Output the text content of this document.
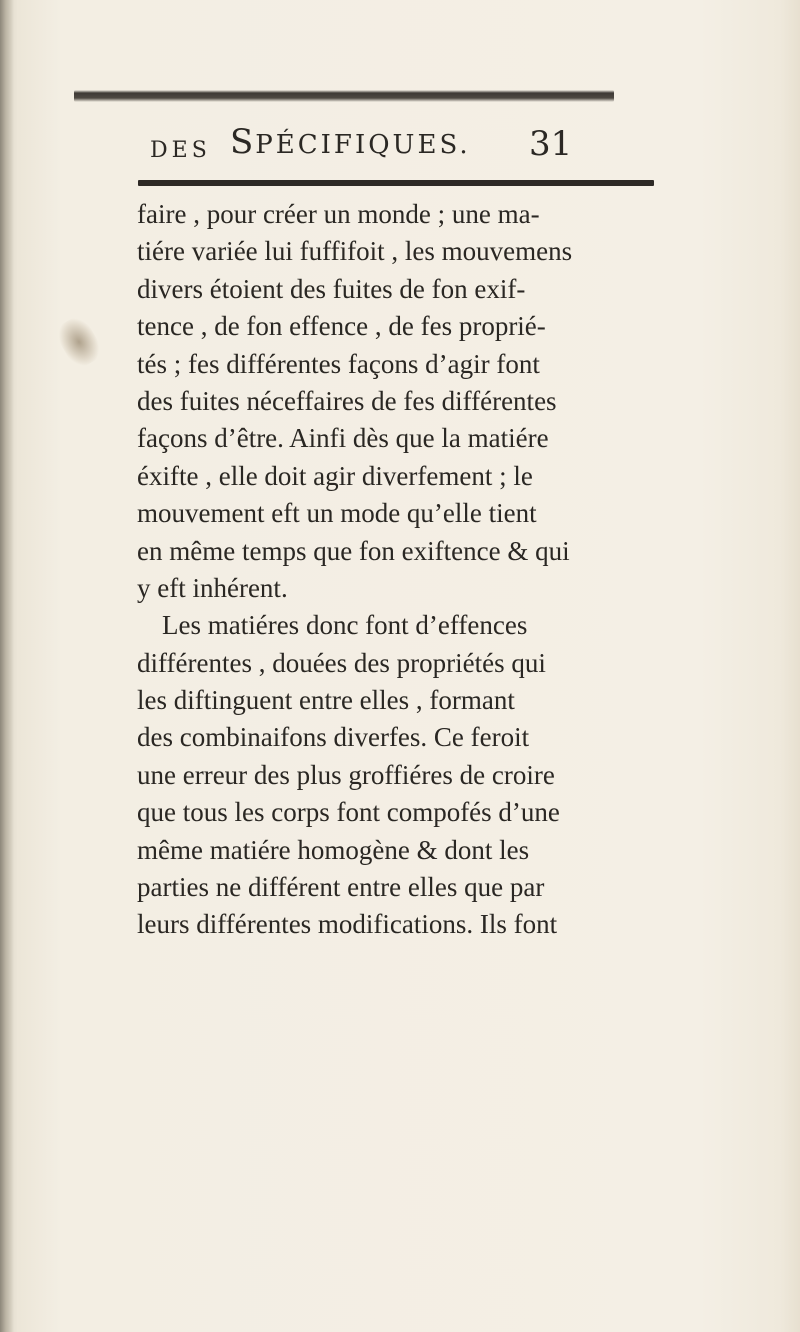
DES SPÉCIFIQUES. 31
faire , pour créer un monde ; une ma-
tiére variée lui fuffifoit , les mouvemens
divers étoient des fuites de fon exif-
tence , de fon effence , de fes proprié-
tés ; fes différentes façons d’agir font
des fuites néceffaires de fes différentes
façons d’être. Ainfi dès que la matiére
éxifte , elle doit agir diverfement ; le
mouvement eft un mode qu’elle tient
en même temps que fon exiftence & qui
y eft inhérent.
Les matiéres donc font d’effences
différentes , douées des propriétés qui
les diftinguent entre elles , formant
des combinaifons diverfes. Ce feroit
une erreur des plus groffiéres de croire
que tous les corps font compofés d’une
même matiére homogène & dont les
parties ne différent entre elles que par
leurs différentes modifications. Ils font
